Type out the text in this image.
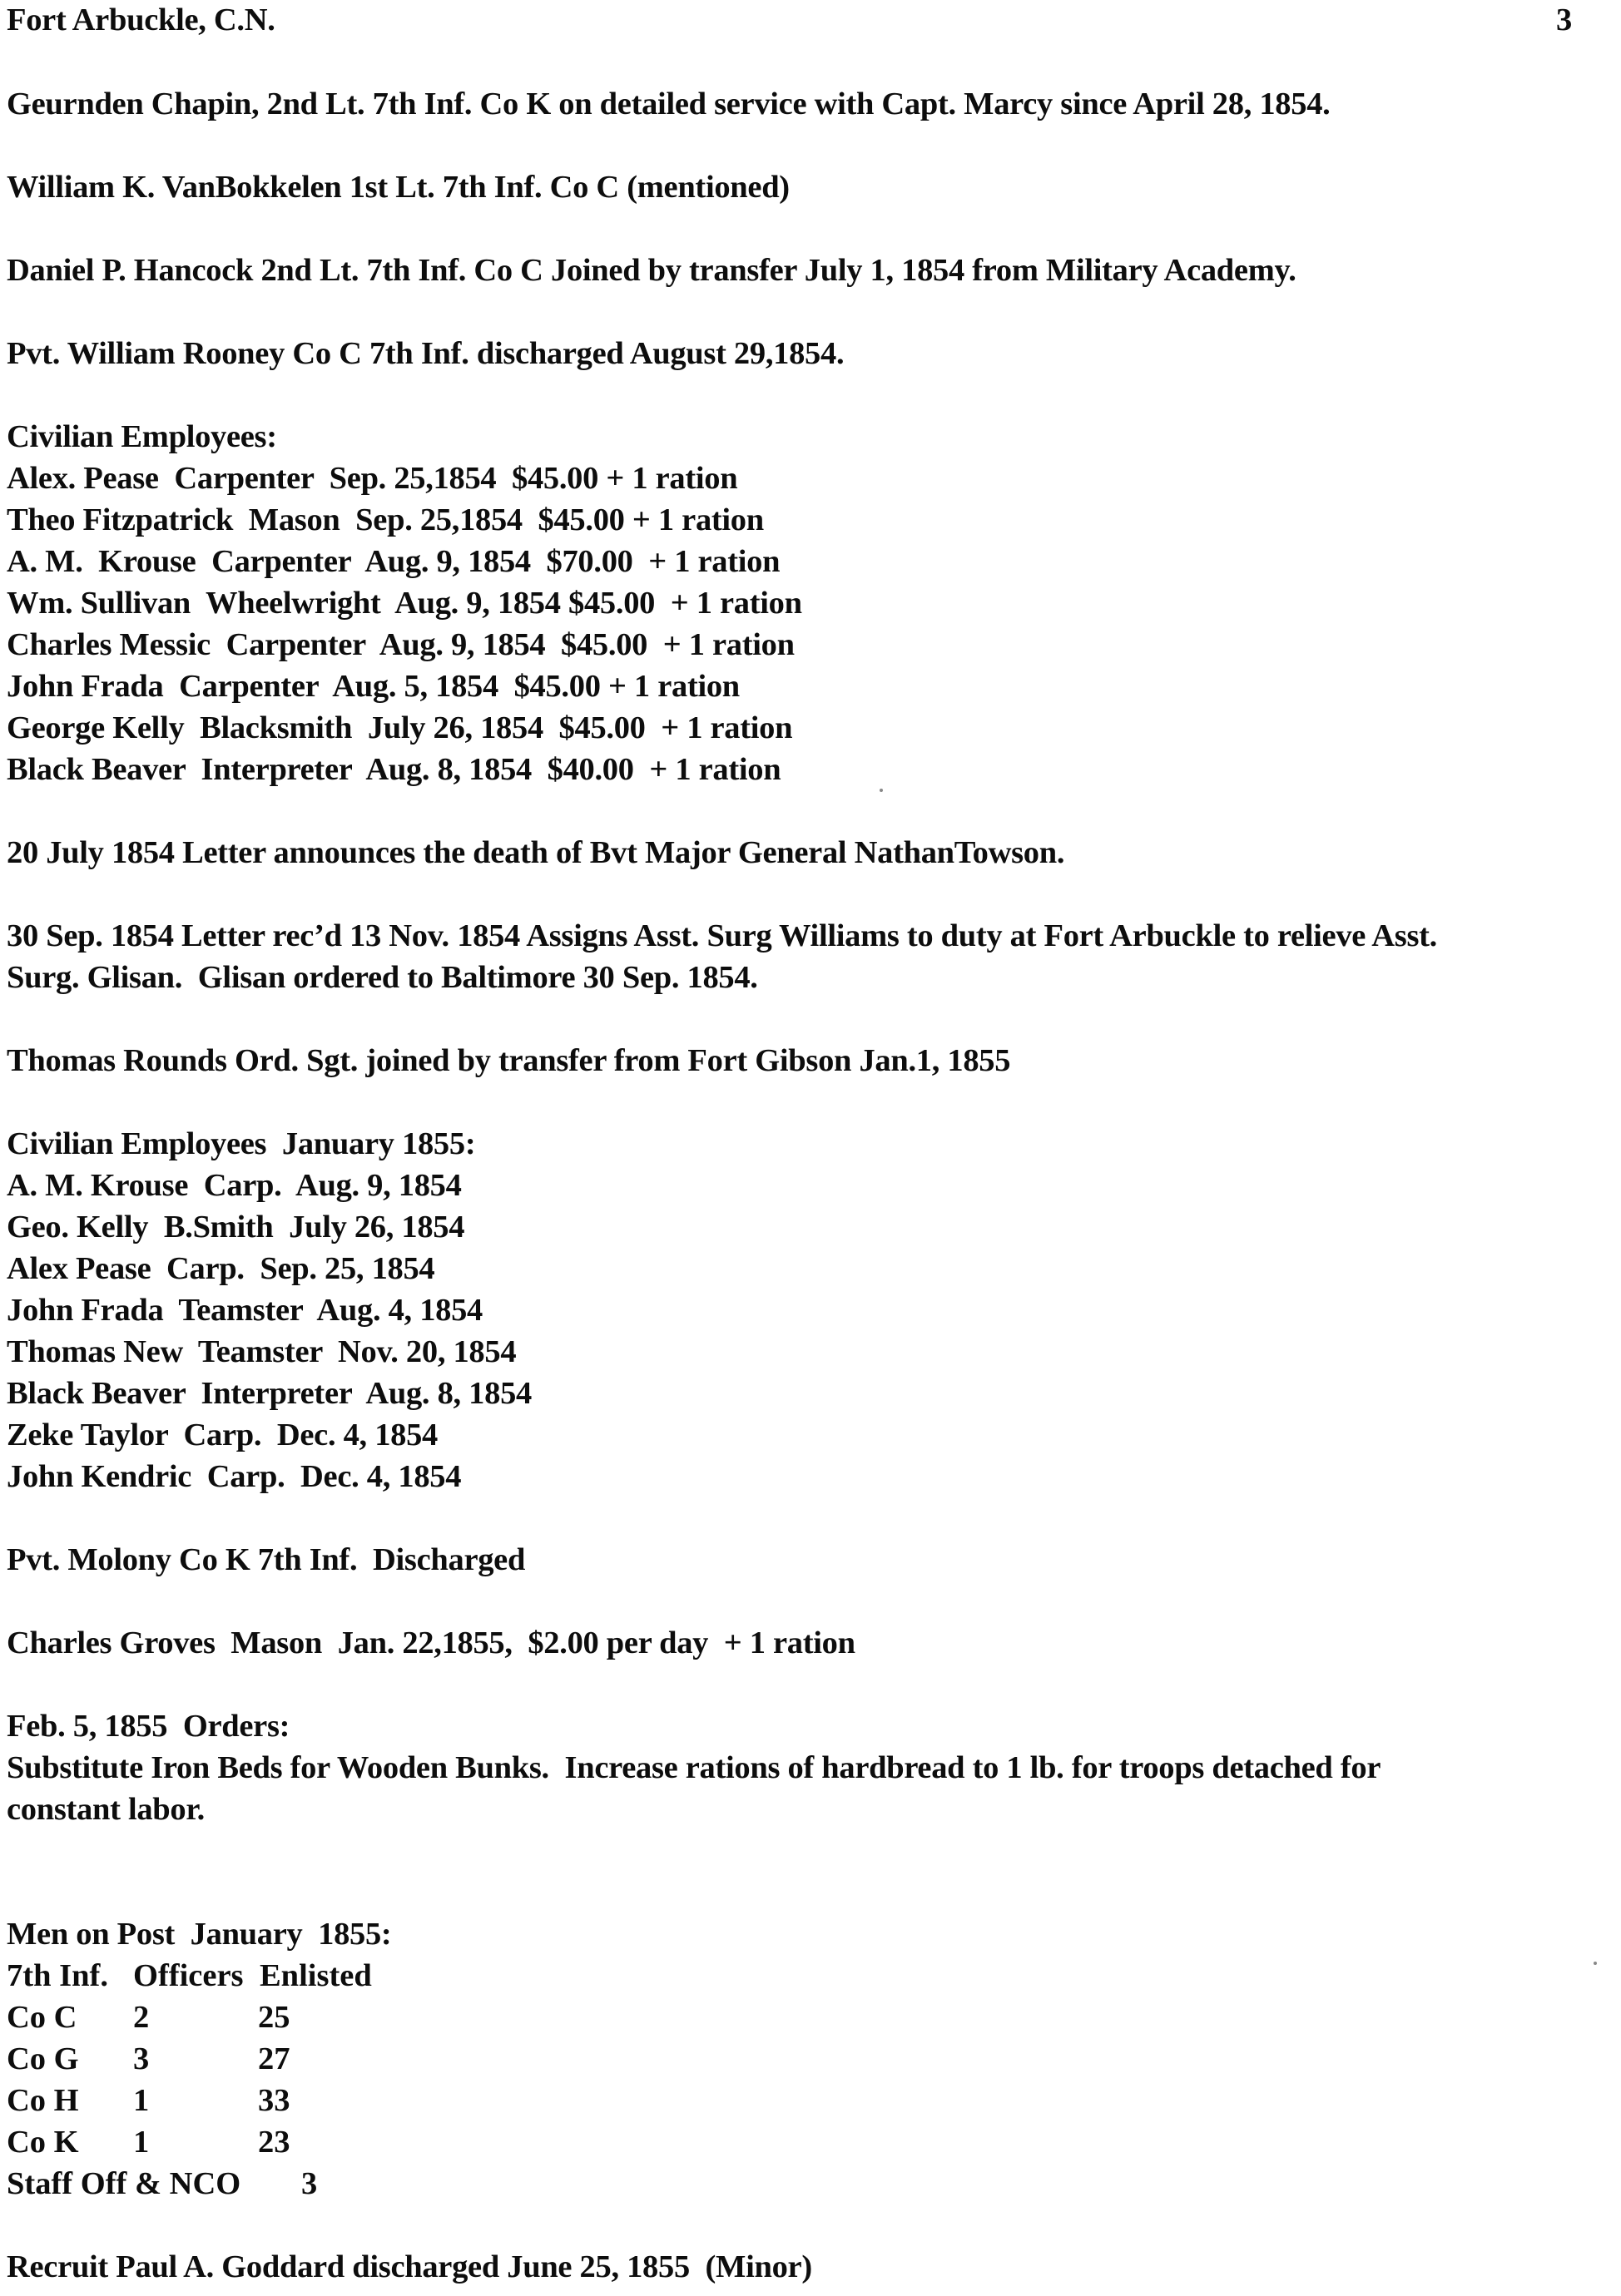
Fort Arbuckle, C.N.	3

Geurnden Chapin, 2nd Lt. 7th Inf. Co K on detailed service with Capt. Marcy since April 28, 1854.

William K. VanBokkelen 1st Lt. 7th Inf. Co C (mentioned)

Daniel P. Hancock 2nd Lt. 7th Inf. Co C Joined by transfer July 1, 1854 from Military Academy.

Pvt. William Rooney Co C 7th Inf. discharged August 29,1854.

Civilian Employees:

Alex. Pease  Carpenter  Sep. 25,1854  $45.00 + 1 ration

Theo Fitzpatrick  Mason  Sep. 25,1854  $45.00 + 1 ration

A. M.  Krouse  Carpenter  Aug. 9, 1854  $70.00  + 1 ration

Wm. Sullivan  Wheelwright  Aug. 9, 1854 $45.00  + 1 ration

Charles Messic  Carpenter  Aug. 9, 1854  $45.00  + 1 ration

John Frada  Carpenter  Aug. 5, 1854  $45.00 + 1 ration

George Kelly  Blacksmith  July 26, 1854  $45.00  + 1 ration

Black Beaver  Interpreter  Aug. 8, 1854  $40.00  + 1 ration

20 July 1854 Letter announces the death of Bvt Major General NathanTowson.

30 Sep. 1854 Letter rec’d 13 Nov. 1854 Assigns Asst. Surg Williams to duty at Fort Arbuckle to relieve Asst.

Surg. Glisan.  Glisan ordered to Baltimore 30 Sep. 1854.

Thomas Rounds Ord. Sgt. joined by transfer from Fort Gibson Jan.1, 1855

Civilian Employees  January 1855:

A. M. Krouse  Carp.  Aug. 9, 1854

Geo. Kelly  B.Smith  July 26, 1854

Alex Pease  Carp.  Sep. 25, 1854

John Frada  Teamster  Aug. 4, 1854

Thomas New  Teamster  Nov. 20, 1854

Black Beaver  Interpreter  Aug. 8, 1854

Zeke Taylor  Carp.  Dec. 4, 1854

John Kendric  Carp.  Dec. 4, 1854

Pvt. Molony Co K 7th Inf.  Discharged

Charles Groves  Mason  Jan. 22,1855,  $2.00 per day  + 1 ration

Feb. 5, 1855  Orders:

Substitute Iron Beds for Wooden Bunks.  Increase rations of hardbread to 1 lb. for troops detached for

constant labor.

Men on Post  January  1855:

7th Inf. Officers Enlisted

Co C 2	25

Co G 3	27

Co H 1	33

Co K 1	23

Staff Off & NCO 3

Recruit Paul A. Goddard discharged June 25, 1855  (Minor)
